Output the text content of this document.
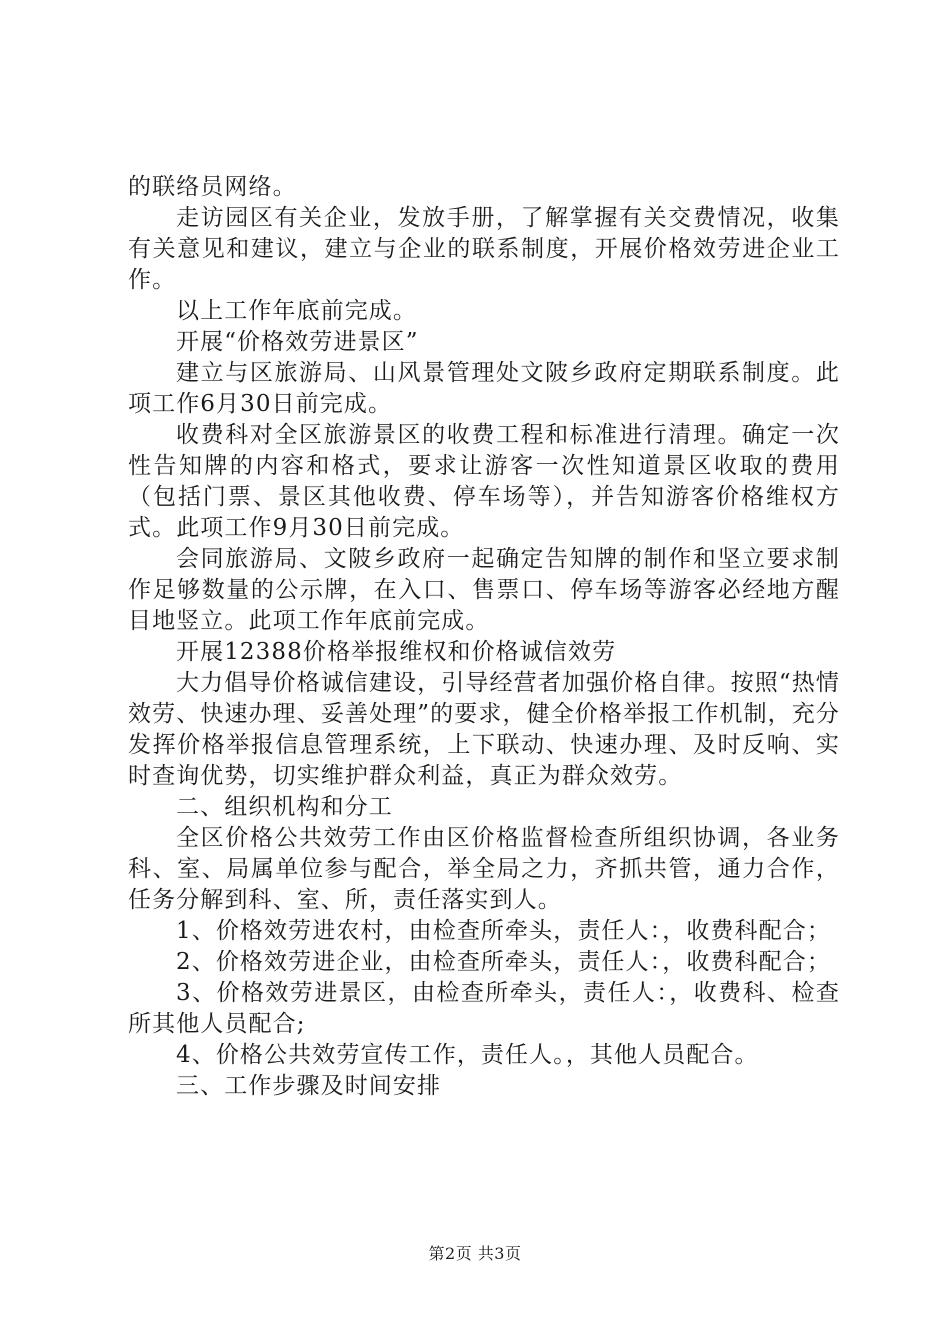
的联络员网络。

走访园区有关企业，发放手册，了解掌握有关交费情况，收集有关意见和建议，建立与企业的联系制度，开展价格效劳进企业工作。

以上工作年底前完成。

开展“价格效劳进景区”

建立与区旅游局、山风景管理处文陂乡政府定期联系制度。此项工作6月30日前完成。

收费科对全区旅游景区的收费工程和标准进行清理。确定一次性告知牌的内容和格式，要求让游客一次性知道景区收取的费用（包括门票、景区其他收费、停车场等），并告知游客价格维权方式。此项工作9月30日前完成。

会同旅游局、文陂乡政府一起确定告知牌的制作和坚立要求制作足够数量的公示牌，在入口、售票口、停车场等游客必经地方醒目地竖立。此项工作年底前完成。

开展12388价格举报维权和价格诚信效劳

大力倡导价格诚信建设，引导经营者加强价格自律。按照“热情效劳、快速办理、妥善处理”的要求，健全价格举报工作机制，充分发挥价格举报信息管理系统，上下联动、快速办理、及时反响、实时查询优势，切实维护群众利益，真正为群众效劳。

二、组织机构和分工

全区价格公共效劳工作由区价格监督检查所组织协调，各业务科、室、局属单位参与配合，举全局之力，齐抓共管，通力合作，任务分解到科、室、所，责任落实到人。

1、价格效劳进农村，由检查所牵头，责任人：，收费科配合；

2、价格效劳进企业，由检查所牵头，责任人：，收费科配合；

3、价格效劳进景区，由检查所牵头，责任人：，收费科、检查所其他人员配合;

4、价格公共效劳宣传工作，责任人。，其他人员配合。

三、工作步骤及时间安排

第2页 共3页
